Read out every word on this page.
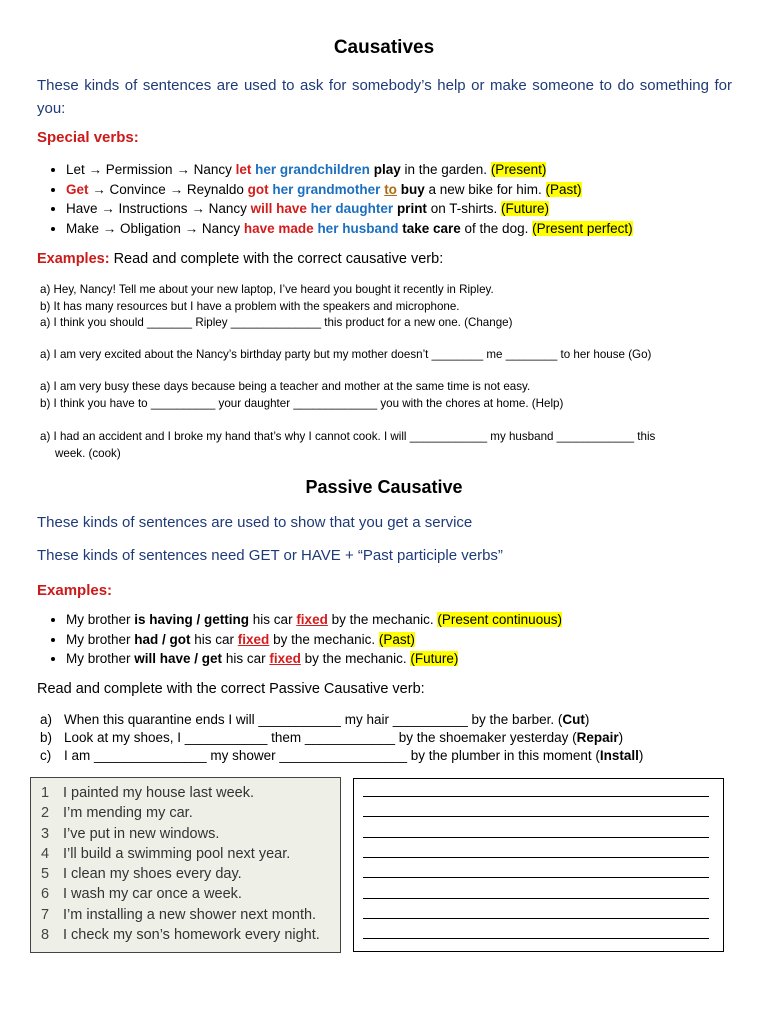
Causatives
These kinds of sentences are used to ask for somebody’s help or make someone to do something for you:
Special verbs:
• Let → Permission → Nancy let her grandchildren play in the garden. (Present)
• Get → Convince → Reynaldo got her grandmother to buy a new bike for him. (Past)
• Have → Instructions → Nancy will have her daughter print on T-shirts. (Future)
• Make → Obligation → Nancy have made her husband take care of the dog. (Present perfect)
Examples: Read and complete with the correct causative verb:
a) Hey, Nancy! Tell me about your new laptop, I’ve heard you bought it recently in Ripley.
b) It has many resources but I have a problem with the speakers and microphone.
a) I think you should _______ Ripley ______________ this product for a new one. (Change)
a) I am very excited about the Nancy’s birthday party but my mother doesn’t ________ me ________ to her house (Go)
a) I am very busy these days because being a teacher and mother at the same time is not easy.
b) I think you have to __________ your daughter _____________ you with the chores at home. (Help)
a) I had an accident and I broke my hand that’s why I cannot cook. I will ____________ my husband ____________ this
week. (cook)
Passive Causative
These kinds of sentences are used to show that you get a service
These kinds of sentences need GET or HAVE + “Past participle verbs”
Examples:
• My brother is having / getting his car fixed by the mechanic. (Present continuous)
• My brother had / got his car fixed by the mechanic. (Past)
• My brother will have / get his car fixed by the mechanic. (Future)
Read and complete with the correct Passive Causative verb:
a) When this quarantine ends I will ___________ my hair __________ by the barber. (Cut)
b) Look at my shoes, I ___________ them ____________ by the shoemaker yesterday (Repair)
c) I am _______________ my shower _________________ by the plumber in this moment (Install)
1 I painted my house last week.
2 I’m mending my car.
3 I’ve put in new windows.
4 I’ll build a swimming pool next year.
5 I clean my shoes every day.
6 I wash my car once a week.
7 I’m installing a new shower next month.
8 I check my son’s homework every night.
